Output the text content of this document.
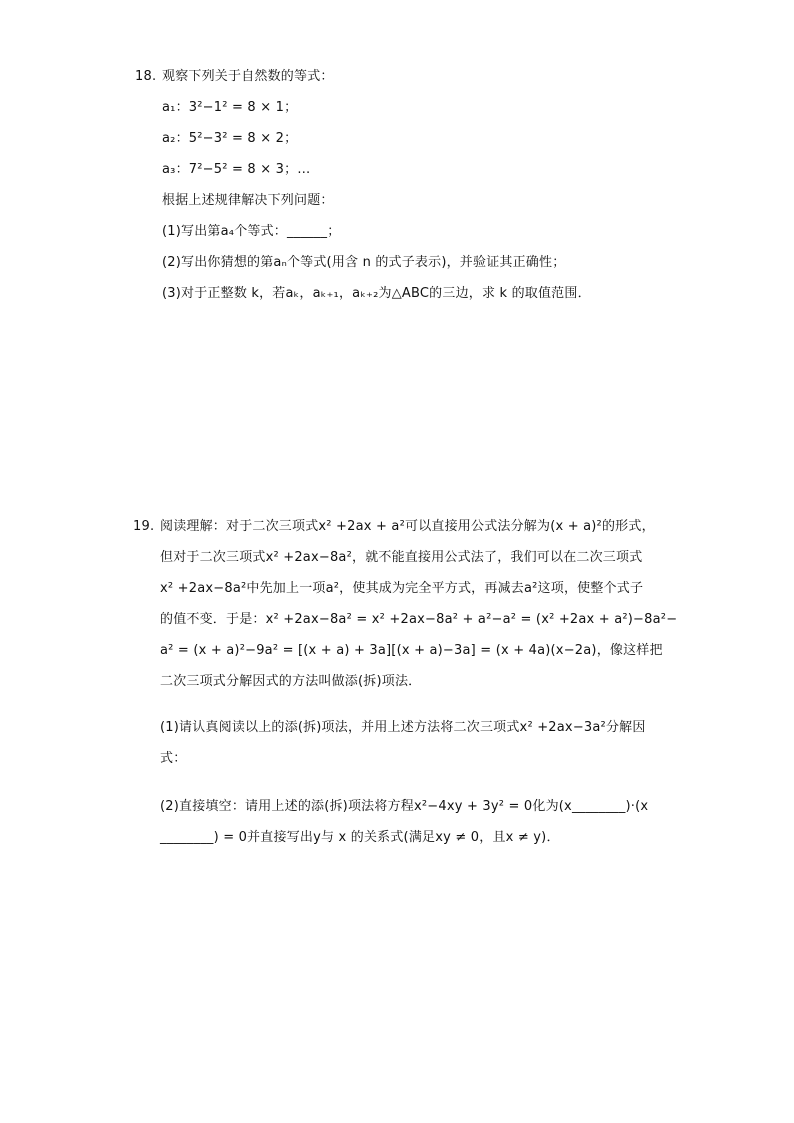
18. 观察下列关于自然数的等式：
a₁：3²−1² = 8 × 1；
a₂：5²−3² = 8 × 2；
a₃：7²−5² = 8 × 3；…
根据上述规律解决下列问题：
(1)写出第a₄个等式：______；
(2)写出你猜想的第aₙ个等式(用含 n 的式子表示)，并验证其正确性；
(3)对于正整数 k，若aₖ，aₖ₊₁，aₖ₊₂为△ABC的三边，求 k 的取值范围．
19. 阅读理解：对于二次三项式x² +2ax + a²可以直接用公式法分解为(x + a)²的形式，
但对于二次三项式x² +2ax−8a²，就不能直接用公式法了，我们可以在二次三项式
x² +2ax−8a²中先加上一项a²，使其成为完全平方式，再减去a²这项，使整个式子
的值不变．于是：x² +2ax−8a² = x² +2ax−8a² + a²−a² = (x² +2ax + a²)−8a²−
a² = (x + a)²−9a² = [(x + a) + 3a][(x + a)−3a] = (x + 4a)(x−2a)，像这样把
二次三项式分解因式的方法叫做添(拆)项法．
(1)请认真阅读以上的添(拆)项法，并用上述方法将二次三项式x² +2ax−3a²分解因
式：
(2)直接填空：请用上述的添(拆)项法将方程x²−4xy + 3y² = 0化为(x________)·(x
________) = 0并直接写出y与 x 的关系式(满足xy ≠ 0，且x ≠ y)．
